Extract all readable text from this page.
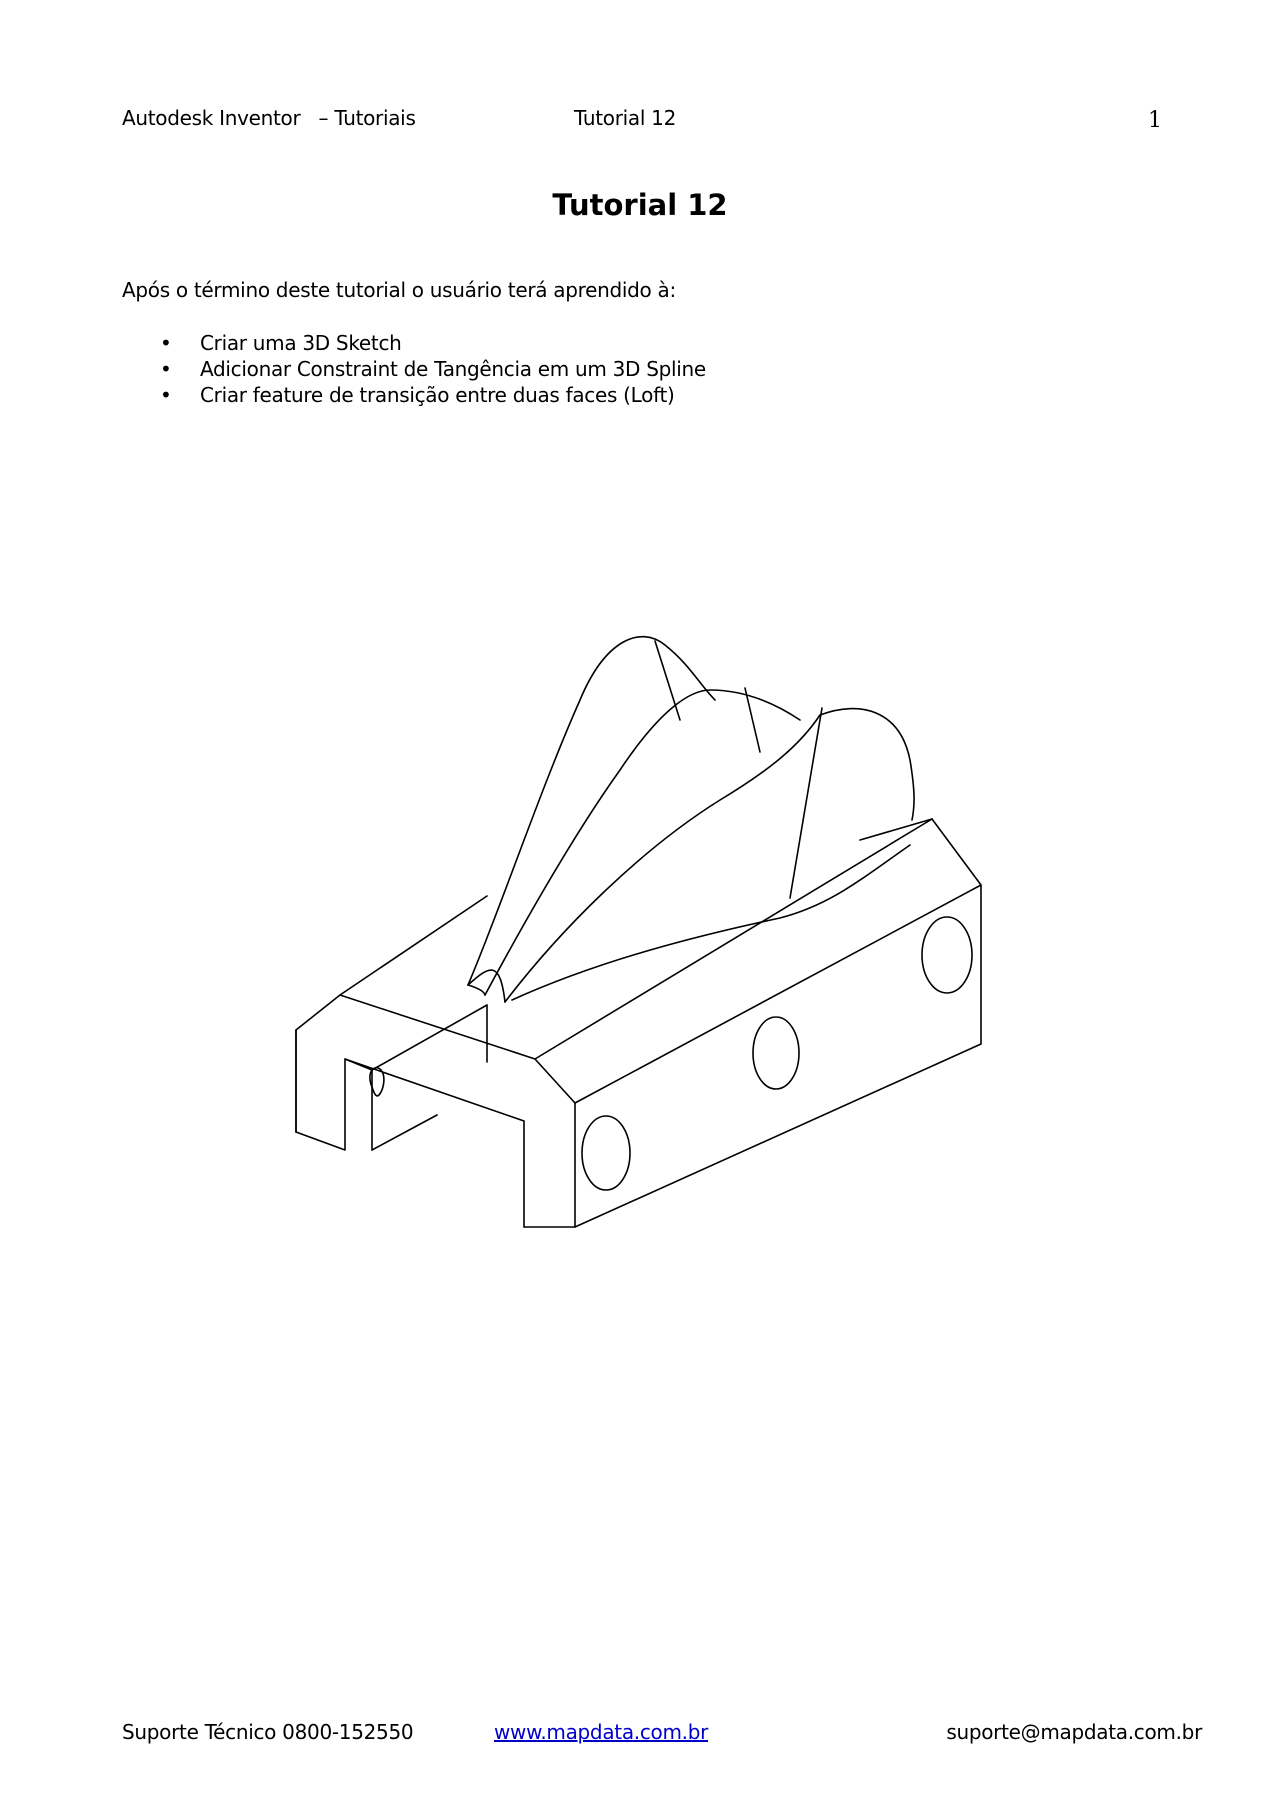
Autodesk Inventor   – Tutoriais	Tutorial 12	1
Tutorial 12
Após o término deste tutorial o usuário terá aprendido à:
• Criar uma 3D Sketch
• Adicionar Constraint de Tangência em um 3D Spline
• Criar feature de transição entre duas faces (Loft)
Suporte Técnico 0800-152550	www.mapdata.com.br	suporte@mapdata.com.br
